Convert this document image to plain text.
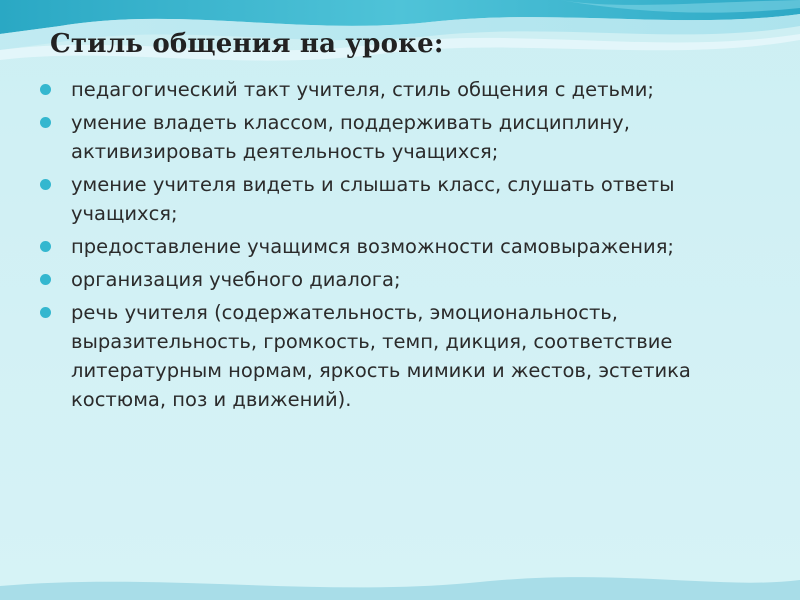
Стиль общения на уроке:
педагогический такт учителя, стиль общения с детьми;
умение владеть классом, поддерживать дисциплину, активизировать деятельность учащихся;
умение учителя видеть и слышать класс, слушать ответы учащихся;
предоставление учащимся возможности самовыражения;
организация учебного диалога;
речь учителя (содержательность, эмоциональность, выразительность, громкость, темп, дикция, соответствие литературным нормам, яркость мимики и жестов, эстетика костюма, поз и движений).
